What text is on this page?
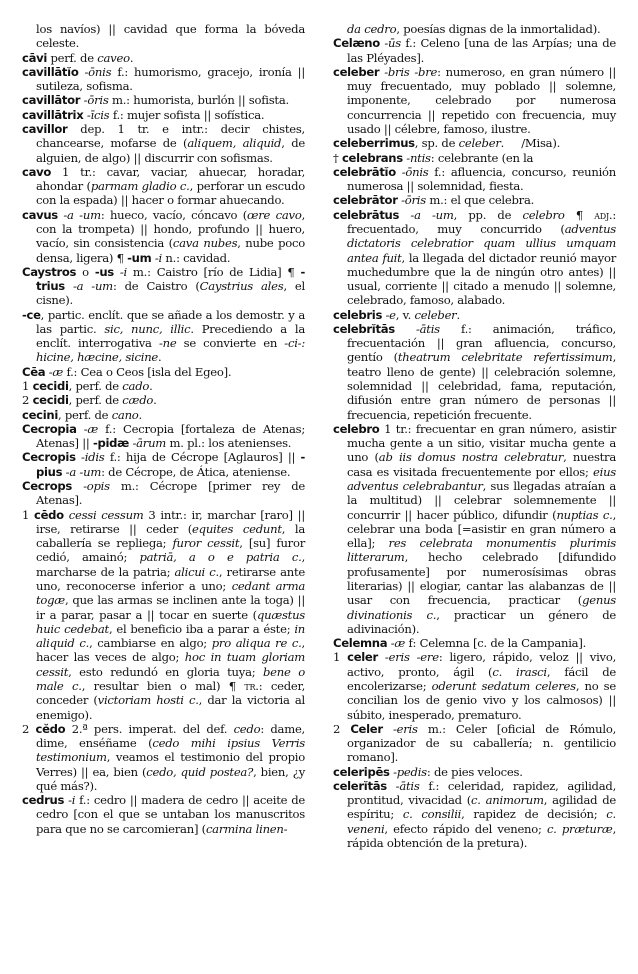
los navíos) || cavidad que forma la bóveda celeste.

cāvi perf. de caveo.

cavillātĭo -ōnis f.: humorismo, gracejo, ironía || sutileza, sofisma.

cavillātor -ōris m.: humorista, burlón || sofista.

cavillātrix -īcis f.: mujer sofista || sofística.

cavillor dep. 1 tr. e intr.: decir chistes, chancearse, mofarse de (aliquem, aliquid, de alguien, de algo) || discurrir con sofismas.

cavo 1 tr.: cavar, vaciar, ahuecar, horadar, ahondar (parmam gladio c., perforar un escudo con la espada) || hacer o formar ahuecando.

cavus -a -um: hueco, vacío, cóncavo (œre cavo, con la trompeta) || hondo, profundo || huero, vacío, sin consistencia (cava nubes, nube poco densa, ligera) ¶ -um -i n.: cavidad.

Caystros o -us -i m.: Caistro [río de Lidia] ¶ -trius -a -um: de Caistro (Caystrius ales, el cisne).

-ce, partic. enclít. que se añade a los demostr. y a las partic. sic, nunc, illic. Precediendo a la enclít. interrogativa -ne se convierte en -ci-: hicine, hæcine, sicine.

Cēa -æ f.: Cea o Ceos [isla del Egeo].

1 cecidi, perf. de cado.

2 cecidi, perf. de cædo.

cecini, perf. de cano.

Cecropia -æ f.: Cecropia [fortaleza de Atenas; Atenas] || -pidæ -ārum m. pl.: los atenienses.

Cecropis -idis f.: hija de Cécrope [Aglauros] || -pius -a -um: de Cécrope, de Ática, ateniense.

Cecrops -opis m.: Cécrope [primer rey de Atenas].

1 cēdo cessi cessum 3 intr.: ir, marchar [raro] || irse, retirarse || ceder (equites cedunt, la caballería se repliega; furor cessit, [su] furor cedió, amainó; patriā, a o e patria c., marcharse de la patria; alicui c., retirarse ante uno, reconocerse inferior a uno; cedant arma togæ, que las armas se inclinen ante la toga) || ir a parar, pasar a || tocar en suerte (quæstus huic cedebat, el beneficio iba a parar a éste; in aliquid c., cambiarse en algo; pro aliqua re c., hacer las veces de algo; hoc in tuam gloriam cessit, esto redundó en gloria tuya; bene o male c., resultar bien o mal) ¶ tr.: ceder, conceder (victoriam hosti c., dar la victoria al enemigo).

2 cĕdo 2.ª pers. imperat. del def. cedo: dame, dime, enséñame (cedo mihi ipsius Verris testimonium, veamos el testimonio del propio Verres) || ea, bien (cedo, quid postea?, bien, ¿y qué más?).

cedrus -i f.: cedro || madera de cedro || aceite de cedro [con el que se untaban los manuscritos para que no se carcomieran] (carmina linen-

da cedro, poesías dignas de la inmortalidad).

Celæno -ūs f.: Celeno [una de las Arpías; una de las Pléyades].

celeber -bris -bre: numeroso, en gran número || muy frecuentado, muy poblado || solemne, imponente, celebrado por numerosa concurrencia || repetido con frecuencia, muy usado || célebre, famoso, ilustre.

celeberrimus, sp. de celeber.     /Misa).

† celebrans -ntis: celebrante (en la

celebrātĭo -ōnis f.: afluencia, concurso, reunión numerosa || solemnidad, fiesta.

celebrātor -ōris m.: el que celebra.

celebrātus -a -um, pp. de celebro ¶ adj.: frecuentado, muy concurrido (adventus dictatoris celebratior quam ullius umquam antea fuit, la llegada del dictador reunió mayor muchedumbre que la de ningún otro antes) || usual, corriente || citado a menudo || solemne, celebrado, famoso, alabado.

celebris -e, v. celeber.

celebrĭtās -ātis f.: animación, tráfico, frecuentación || gran afluencia, concurso, gentío (theatrum celebritate refertissimum, teatro lleno de gente) || celebración solemne, solemnidad || celebridad, fama, reputación, difusión entre gran número de personas || frecuencia, repetición frecuente.

celebro 1 tr.: frecuentar en gran número, asistir mucha gente a un sitio, visitar mucha gente a uno (ab iis domus nostra celebratur, nuestra casa es visitada frecuentemente por ellos; eius adventus celebrabantur, sus llegadas atraían a la multitud) || celebrar solemnemente || concurrir || hacer público, difundir (nuptias c., celebrar una boda [=asistir en gran número a ella]; res celebrata monumentis plurimis litterarum, hecho celebrado [difundido profusamente] por numerosísimas obras literarias) || elogiar, cantar las alabanzas de || usar con frecuencia, practicar (genus divinationis c., practicar un género de adivinación).

Celemna -æ f: Celemna [c. de la Campania].

1 celer -eris -ere: ligero, rápido, veloz || vivo, activo, pronto, ágil (c. irasci, fácil de encolerizarse; oderunt sedatum celeres, no se concilian los de genio vivo y los calmosos) || súbito, inesperado, prematuro.

2 Celer -eris m.: Celer [oficial de Rómulo, organizador de su caballería; n. gentilicio romano].

celeripēs -pedis: de pies veloces.

celerĭtās -ātis f.: celeridad, rapidez, agilidad, prontitud, vivacidad (c. animorum, agilidad de espíritu; c. consilii, rapidez de decisión; c. veneni, efecto rápido del veneno; c. præturæ, rápida obtención de la pretura).
